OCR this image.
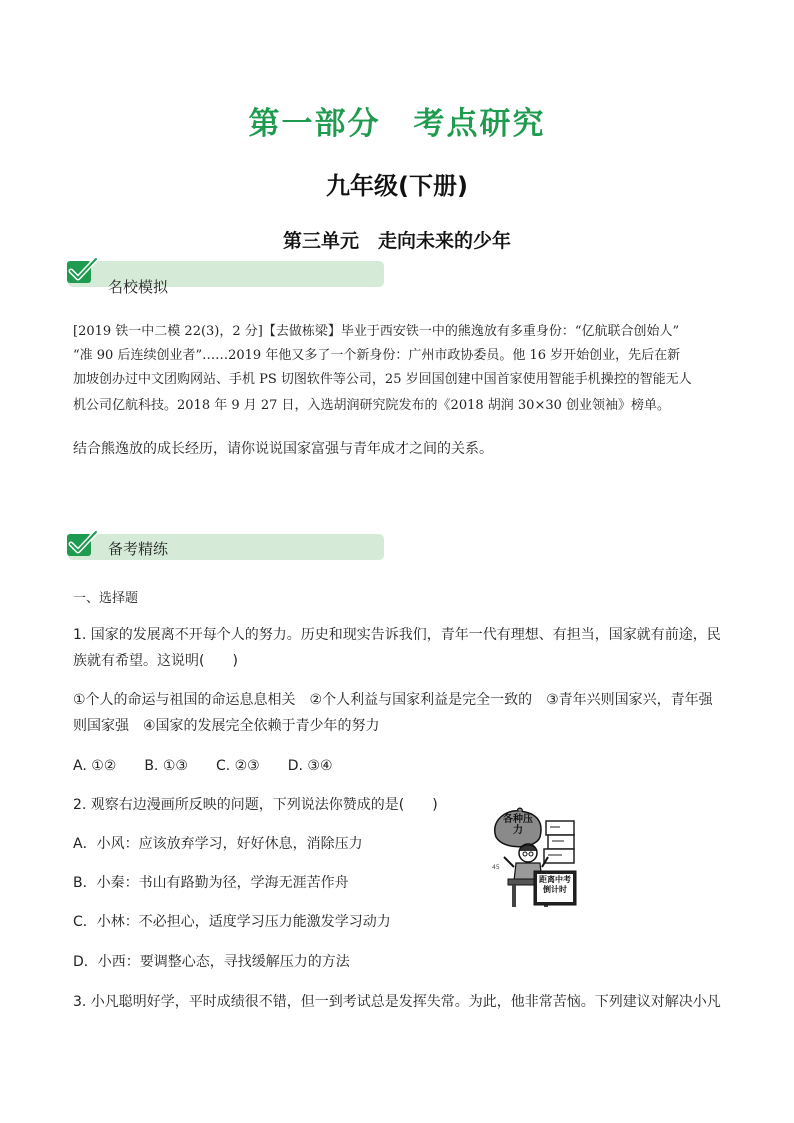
第一部分　考点研究
九年级(下册)
第三单元　走向未来的少年
名校模拟
[2019 铁一中二模 22(3)，2 分]【去做栋梁】毕业于西安铁一中的熊逸放有多重身份：“亿航联合创始人”
“准 90 后连续创业者”……2019 年他又多了一个新身份：广州市政协委员。他 16 岁开始创业，先后在新
加坡创办过中文团购网站、手机 PS 切图软件等公司，25 岁回国创建中国首家使用智能手机操控的智能无人
机公司亿航科技。2018 年 9 月 27 日，入选胡润研究院发布的《2018 胡润 30×30 创业领袖》榜单。
结合熊逸放的成长经历，请你说说国家富强与青年成才之间的关系。
备考精练
一、选择题
1. 国家的发展离不开每个人的努力。历史和现实告诉我们，青年一代有理想、有担当，国家就有前途，民
族就有希望。这说明(　　)
①个人的命运与祖国的命运息息相关　②个人利益与国家利益是完全一致的　③青年兴则国家兴，青年强
则国家强　④国家的发展完全依赖于青少年的努力
A. ①②　　B. ①③　　C. ②③　　D. ③④
2. 观察右边漫画所反映的问题，下列说法你赞成的是(　　)
A．小风：应该放弃学习，好好休息，消除压力
B．小秦：书山有路勤为径，学海无涯苦作舟
C．小林：不必担心，适度学习压力能激发学习动力
D．小西：要调整心态，寻找缓解压力的方法
3. 小凡聪明好学，平时成绩很不错，但一到考试总是发挥失常。为此，他非常苦恼。下列建议对解决小凡
45
各种压力
距离中考倒计时
